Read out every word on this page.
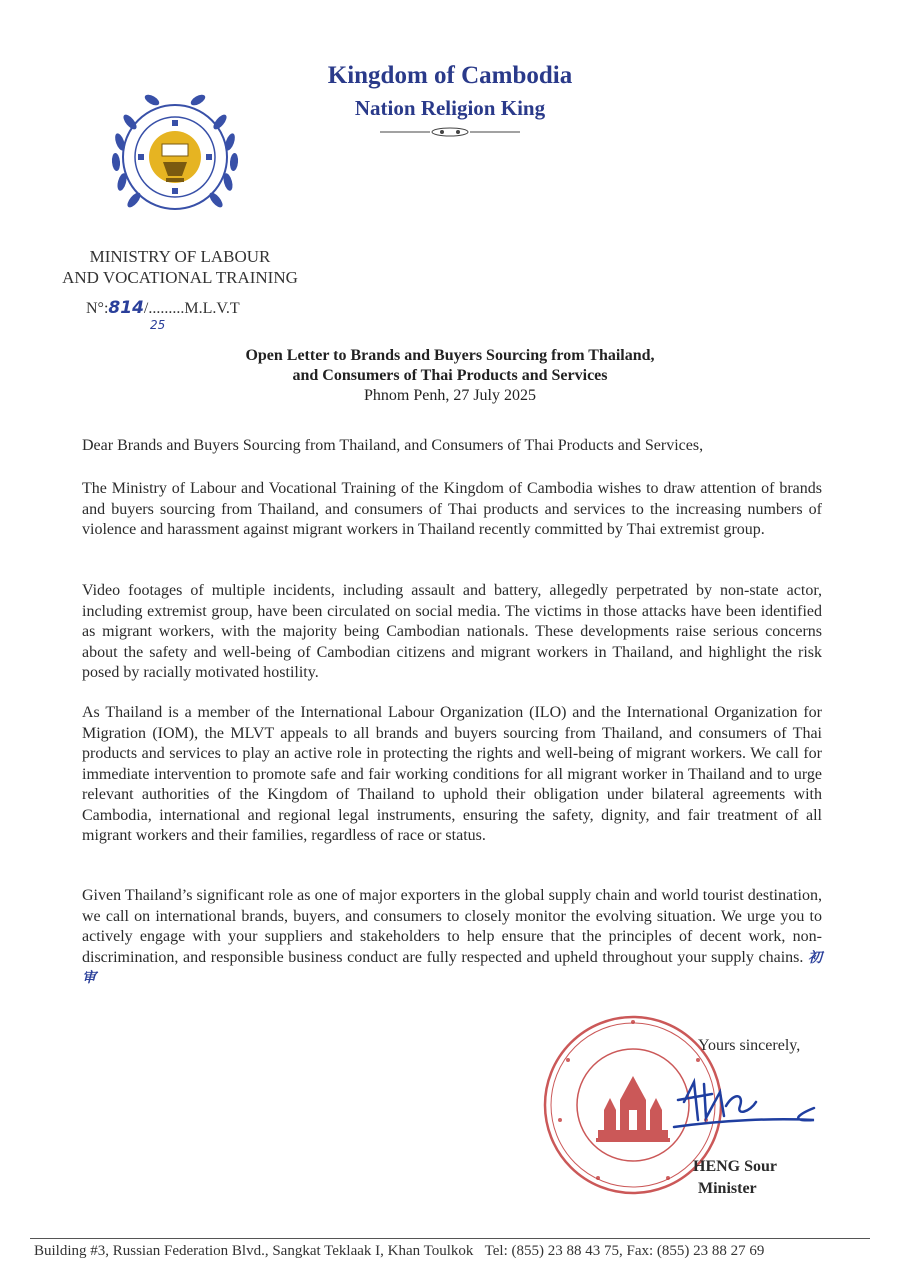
Kingdom of Cambodia
Nation Religion King
MINISTRY OF LABOUR
AND VOCATIONAL TRAINING
N°:814/.........M.L.V.T
25
Open Letter to Brands and Buyers Sourcing from Thailand,
and Consumers of Thai Products and Services
Phnom Penh, 27 July 2025
Dear Brands and Buyers Sourcing from Thailand, and Consumers of Thai Products and Services,
The Ministry of Labour and Vocational Training of the Kingdom of Cambodia wishes to draw attention of brands and buyers sourcing from Thailand, and consumers of Thai products and services to the increasing numbers of violence and harassment against migrant workers in Thailand recently committed by Thai extremist group.
Video footages of multiple incidents, including assault and battery, allegedly perpetrated by non-state actor, including extremist group, have been circulated on social media. The victims in those attacks have been identified as migrant workers, with the majority being Cambodian nationals. These developments raise serious concerns about the safety and well-being of Cambodian citizens and migrant workers in Thailand, and highlight the risk posed by racially motivated hostility.
As Thailand is a member of the International Labour Organization (ILO) and the International Organization for Migration (IOM), the MLVT appeals to all brands and buyers sourcing from Thailand, and consumers of Thai products and services to play an active role in protecting the rights and well-being of migrant workers. We call for immediate intervention to promote safe and fair working conditions for all migrant worker in Thailand and to urge relevant authorities of the Kingdom of Thailand to uphold their obligation under bilateral agreements with Cambodia, international and regional legal instruments, ensuring the safety, dignity, and fair treatment of all migrant workers and their families, regardless of race or status.
Given Thailand’s significant role as one of major exporters in the global supply chain and world tourist destination, we call on international brands, buyers, and consumers to closely monitor the evolving situation. We urge you to actively engage with your suppliers and stakeholders to help ensure that the principles of decent work, non-discrimination, and responsible business conduct are fully respected and upheld throughout your supply chains. 初审
Yours sincerely,
HENG Sour
Minister
Building #3, Russian Federation Blvd., Sangkat Teklaak I, Khan Toulkok Tel: (855) 23 88 43 75, Fax: (855) 23 88 27 69
